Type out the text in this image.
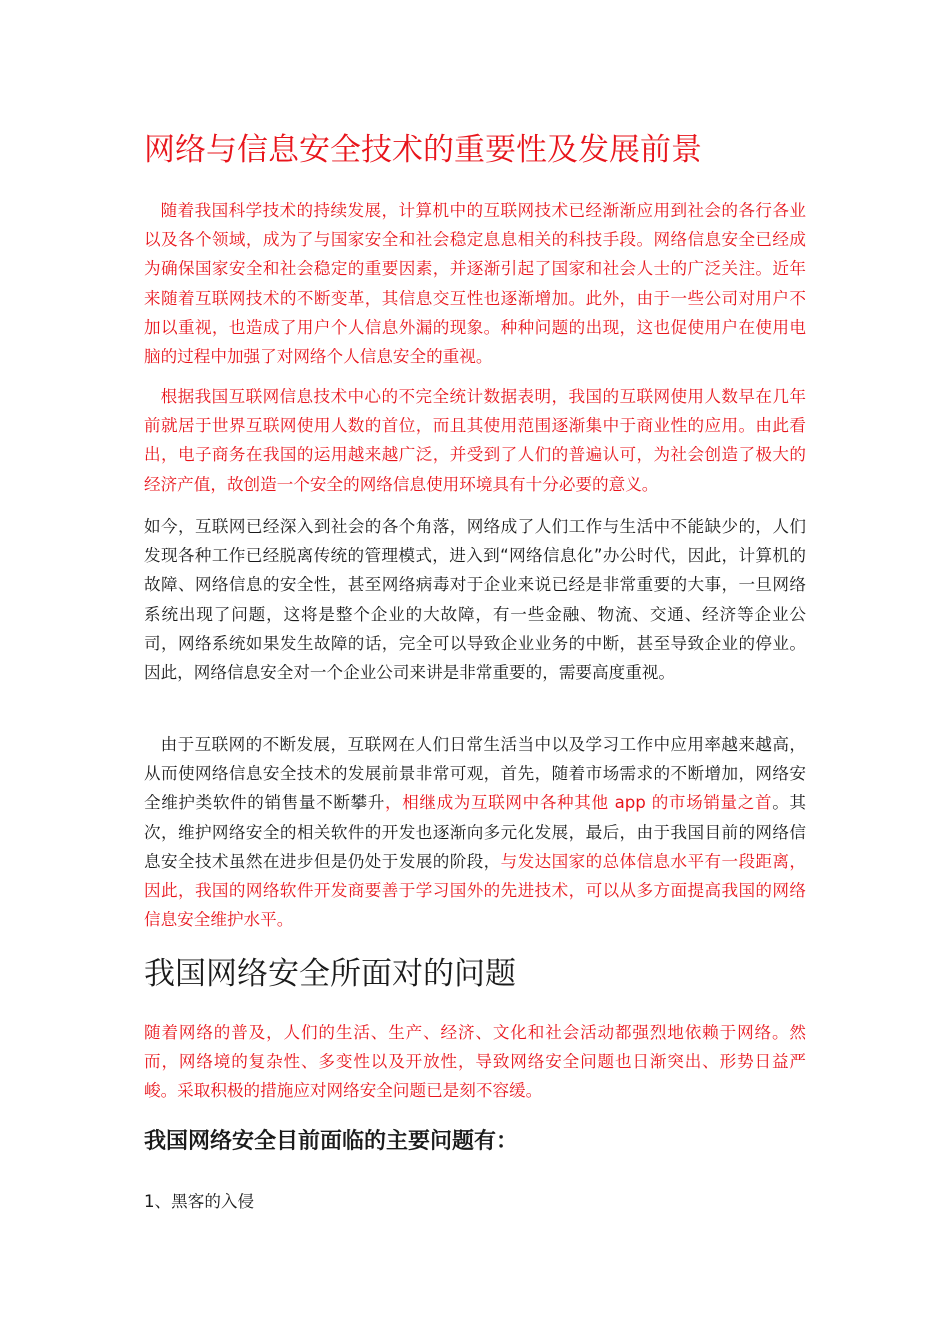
网络与信息安全技术的重要性及发展前景

随着我国科学技术的持续发展，计算机中的互联网技术已经渐渐应用到社会的各行各业以及各个领域，成为了与国家安全和社会稳定息息相关的科技手段。网络信息安全已经成为确保国家安全和社会稳定的重要因素，并逐渐引起了国家和社会人士的广泛关注。近年来随着互联网技术的不断变革，其信息交互性也逐渐增加。此外，由于一些公司对用户不加以重视，也造成了用户个人信息外漏的现象。种种问题的出现，这也促使用户在使用电脑的过程中加强了对网络个人信息安全的重视。

根据我国互联网信息技术中心的不完全统计数据表明，我国的互联网使用人数早在几年前就居于世界互联网使用人数的首位，而且其使用范围逐渐集中于商业性的应用。由此看出，电子商务在我国的运用越来越广泛，并受到了人们的普遍认可，为社会创造了极大的经济产值，故创造一个安全的网络信息使用环境具有十分必要的意义。

如今，互联网已经深入到社会的各个角落，网络成了人们工作与生活中不能缺少的，人们发现各种工作已经脱离传统的管理模式，进入到“网络信息化”办公时代，因此，计算机的故障、网络信息的安全性，甚至网络病毒对于企业来说已经是非常重要的大事，一旦网络系统出现了问题，这将是整个企业的大故障，有一些金融、物流、交通、经济等企业公司，网络系统如果发生故障的话，完全可以导致企业业务的中断，甚至导致企业的停业。因此，网络信息安全对一个企业公司来讲是非常重要的，需要高度重视。

由于互联网的不断发展，互联网在人们日常生活当中以及学习工作中应用率越来越高，从而使网络信息安全技术的发展前景非常可观，首先，随着市场需求的不断增加，网络安全维护类软件的销售量不断攀升，相继成为互联网中各种其他 app 的市场销量之首。其次，维护网络安全的相关软件的开发也逐渐向多元化发展，最后，由于我国目前的网络信息安全技术虽然在进步但是仍处于发展的阶段，与发达国家的总体信息水平有一段距离，因此，我国的网络软件开发商要善于学习国外的先进技术，可以从多方面提高我国的网络信息安全维护水平。

我国网络安全所面对的问题

随着网络的普及，人们的生活、生产、经济、文化和社会活动都强烈地依赖于网络。然而，网络境的复杂性、多变性以及开放性，导致网络安全问题也日渐突出、形势日益严峻。采取积极的措施应对网络安全问题已是刻不容缓。

我国网络安全目前面临的主要问题有：

1、黑客的入侵
